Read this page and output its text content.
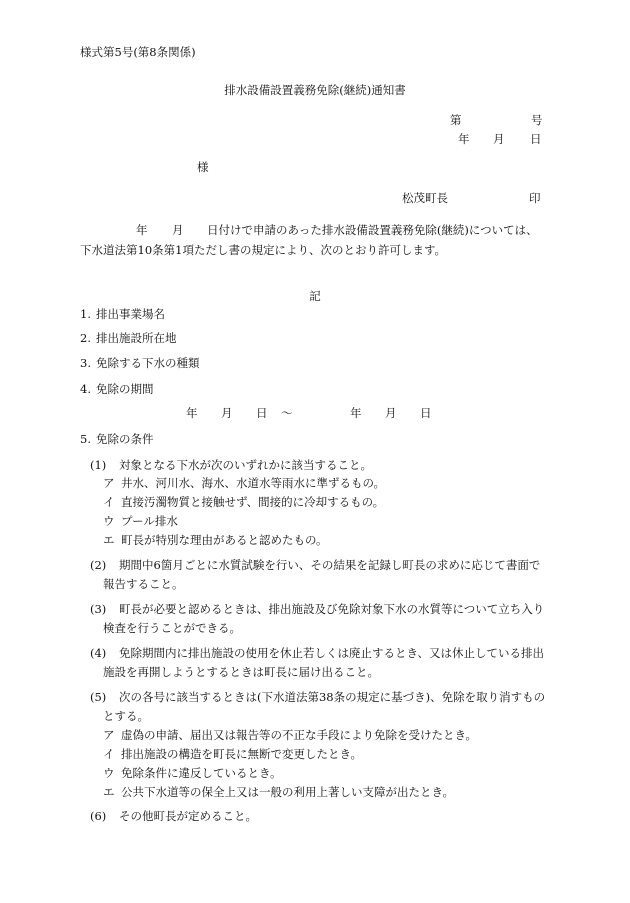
様式第5号(第8条関係)
排水設備設置義務免除(継続)通知書
第	号
年 月 日
様
松茂町長	印
年 月 日付けで申請のあった排水設備設置義務免除(継続)については、
下水道法第10条第1項ただし書の規定により、次のとおり許可します。
記
1. 排出事業場名
2. 排出施設所在地
3. 免除する下水の種類
4. 免除の期間
年 月 日 〜	年 月 日
5. 免除の条件
(1) 対象となる下水が次のいずれかに該当すること。
ア 井水、河川水、海水、水道水等雨水に準ずるもの。
イ 直接汚濁物質と接触せず、間接的に冷却するもの。
ウ プール排水
エ 町長が特別な理由があると認めたもの。
(2) 期間中6箇月ごとに水質試験を行い、その結果を記録し町長の求めに応じて書面で
報告すること。
(3) 町長が必要と認めるときは、排出施設及び免除対象下水の水質等について立ち入り
検査を行うことができる。
(4) 免除期間内に排出施設の使用を休止若しくは廃止するとき、又は休止している排出
施設を再開しようとするときは町長に届け出ること。
(5) 次の各号に該当するときは(下水道法第38条の規定に基づき)、免除を取り消すもの
とする。
ア 虚偽の申請、届出又は報告等の不正な手段により免除を受けたとき。
イ 排出施設の構造を町長に無断で変更したとき。
ウ 免除条件に違反しているとき。
エ 公共下水道等の保全上又は一般の利用上著しい支障が出たとき。
(6) その他町長が定めること。
